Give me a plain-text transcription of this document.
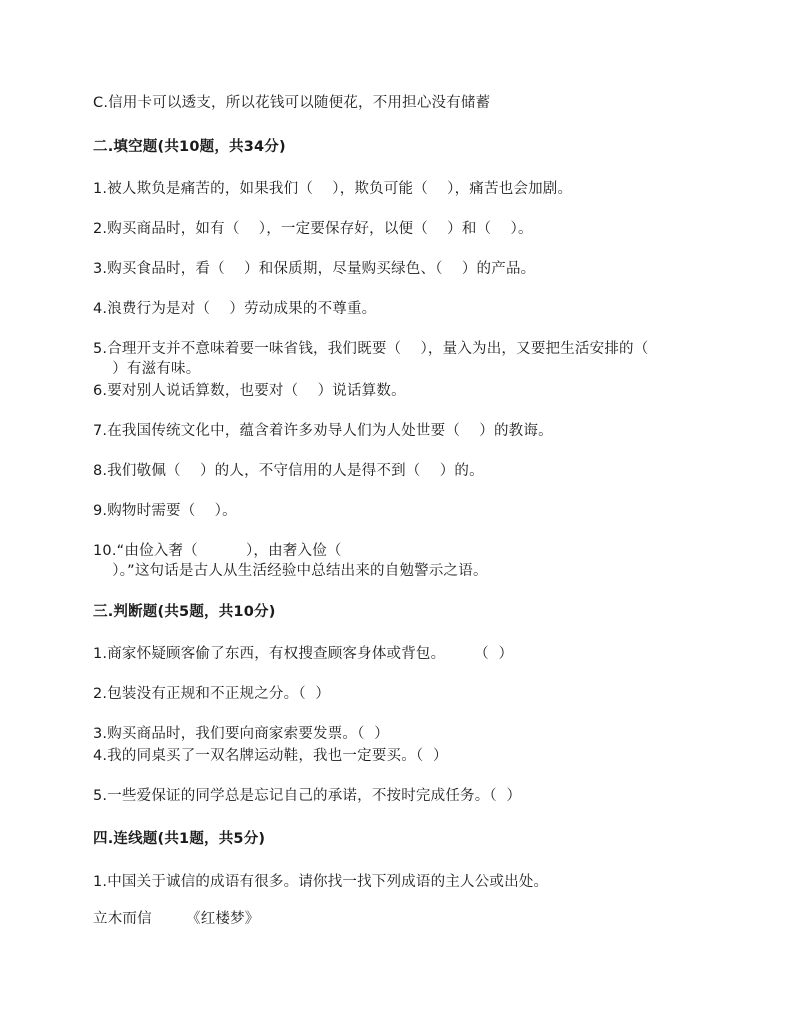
C.信用卡可以透支，所以花钱可以随便花，不用担心没有储蓄
二.填空题(共10题，共34分)
1.被人欺负是痛苦的，如果我们（    ），欺负可能（    ），痛苦也会加剧。
2.购买商品时，如有（    ），一定要保存好，以便（    ）和（    ）。
3.购买食品时，看（    ）和保质期，尽量购买绿色、（    ）的产品。
4.浪费行为是对（    ）劳动成果的不尊重。
5.合理开支并不意味着要一味省钱，我们既要（    ），量入为出，又要把生活安排的（
）有滋有味。
6.要对别人说话算数，也要对（    ）说话算数。
7.在我国传统文化中，蕴含着许多劝导人们为人处世要（    ）的教诲。
8.我们敬佩（    ）的人，不守信用的人是得不到（    ）的。
9.购物时需要（    ）。
10.“由俭入奢（          ），由奢入俭（
）。”这句话是古人从生活经验中总结出来的自勉警示之语。
三.判断题(共5题，共10分)
1.商家怀疑顾客偷了东西，有权搜查顾客身体或背包。      （  ）
2.包装没有正规和不正规之分。（  ）
3.购买商品时，我们要向商家索要发票。（  ）
4.我的同桌买了一双名牌运动鞋，我也一定要买。（  ）
5.一些爱保证的同学总是忘记自己的承诺，不按时完成任务。（  ）
四.连线题(共1题，共5分)
1.中国关于诚信的成语有很多。请你找一找下列成语的主人公或出处。
立木而信 《红楼梦》
